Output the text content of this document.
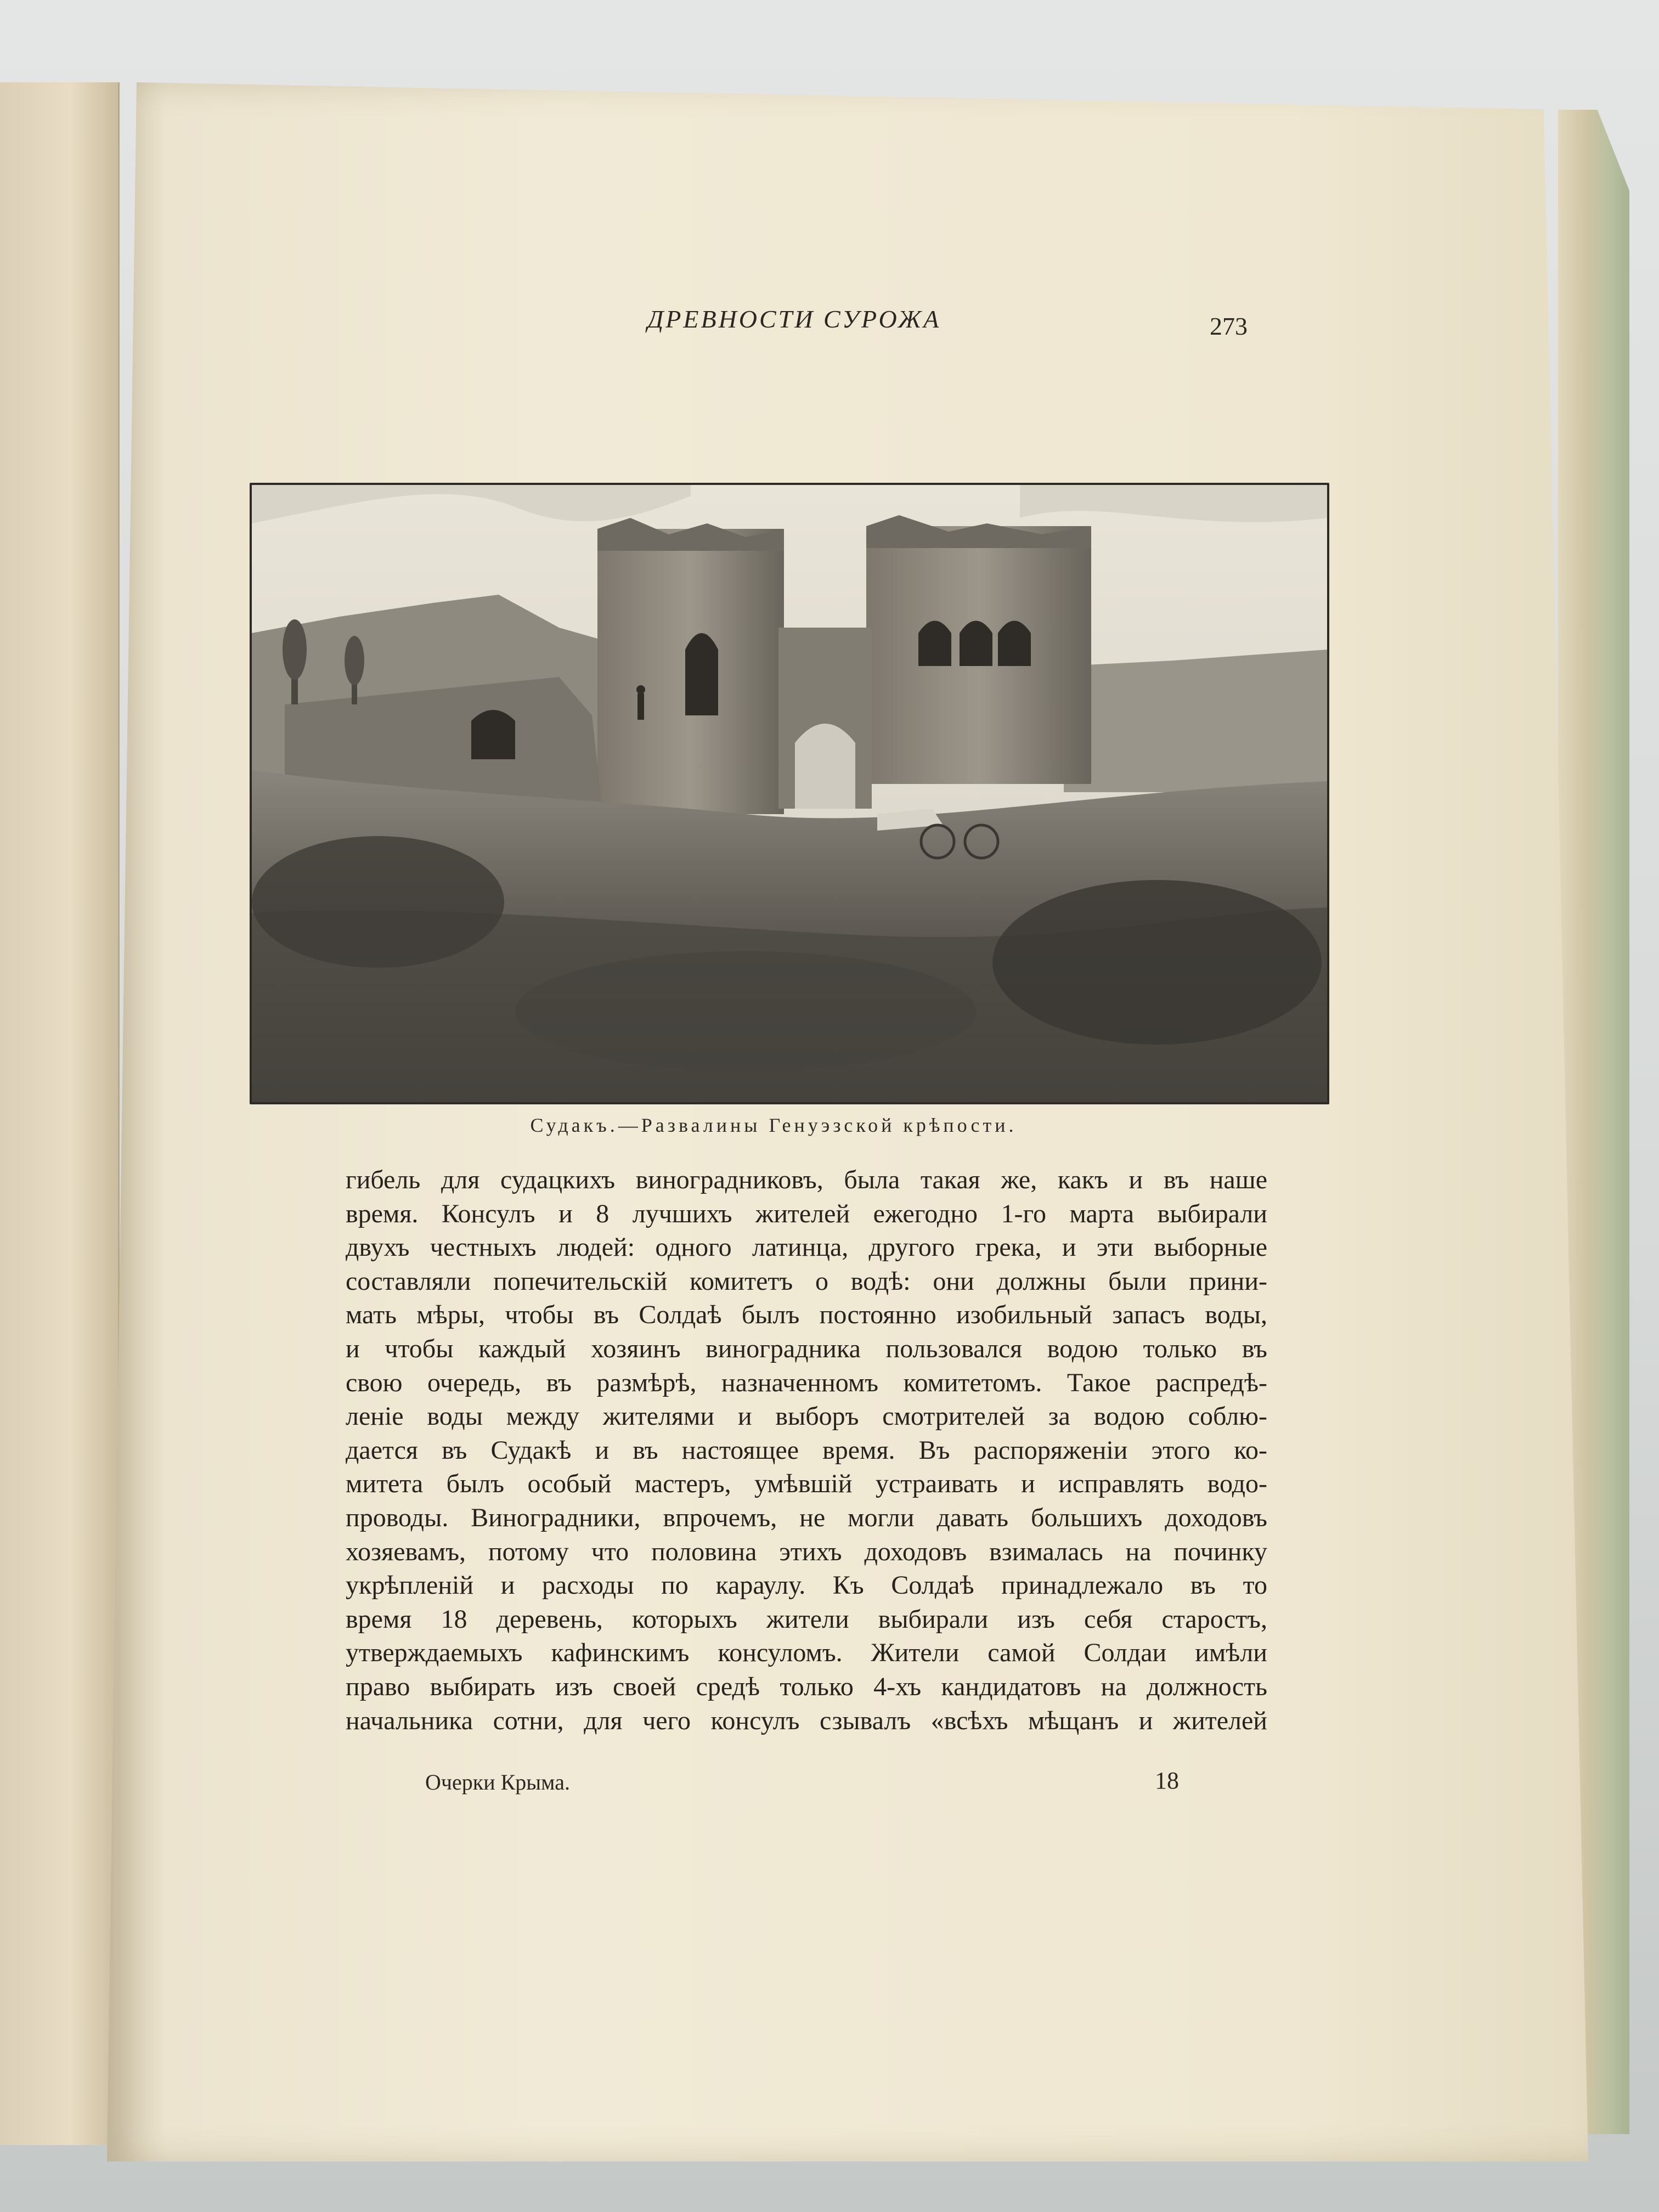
ДРЕВНОСТИ СУРОЖА	273
Судакъ.—Развалины Генуэзской крѣпости.
гибель для судацкихъ виноградниковъ, была такая же, какъ и въ наше
время. Консулъ и 8 лучшихъ жителей ежегодно 1-го марта выбирали
двухъ честныхъ людей: одного латинца, другого грека, и эти выборные
составляли попечительскій комитетъ о водѣ: они должны были прини-
мать мѣры, чтобы въ Солдаѣ былъ постоянно изобильный запасъ воды,
и чтобы каждый хозяинъ виноградника пользовался водою только въ
свою очередь, въ размѣрѣ, назначенномъ комитетомъ. Такое распредѣ-
леніе воды между жителями и выборъ смотрителей за водою соблю-
дается въ Судакѣ и въ настоящее время. Въ распоряженіи этого ко-
митета былъ особый мастеръ, умѣвшій устраивать и исправлять водо-
проводы. Виноградники, впрочемъ, не могли давать большихъ доходовъ
хозяевамъ, потому что половина этихъ доходовъ взималась на починку
укрѣпленій и расходы по караулу. Къ Солдаѣ принадлежало въ то
время 18 деревень, которыхъ жители выбирали изъ себя старостъ,
утверждаемыхъ кафинскимъ консуломъ. Жители самой Солдаи имѣли
право выбирать изъ своей средѣ только 4-хъ кандидатовъ на должность
начальника сотни, для чего консулъ сзывалъ «всѣхъ мѣщанъ и жителей
Очерки Крыма.	18
